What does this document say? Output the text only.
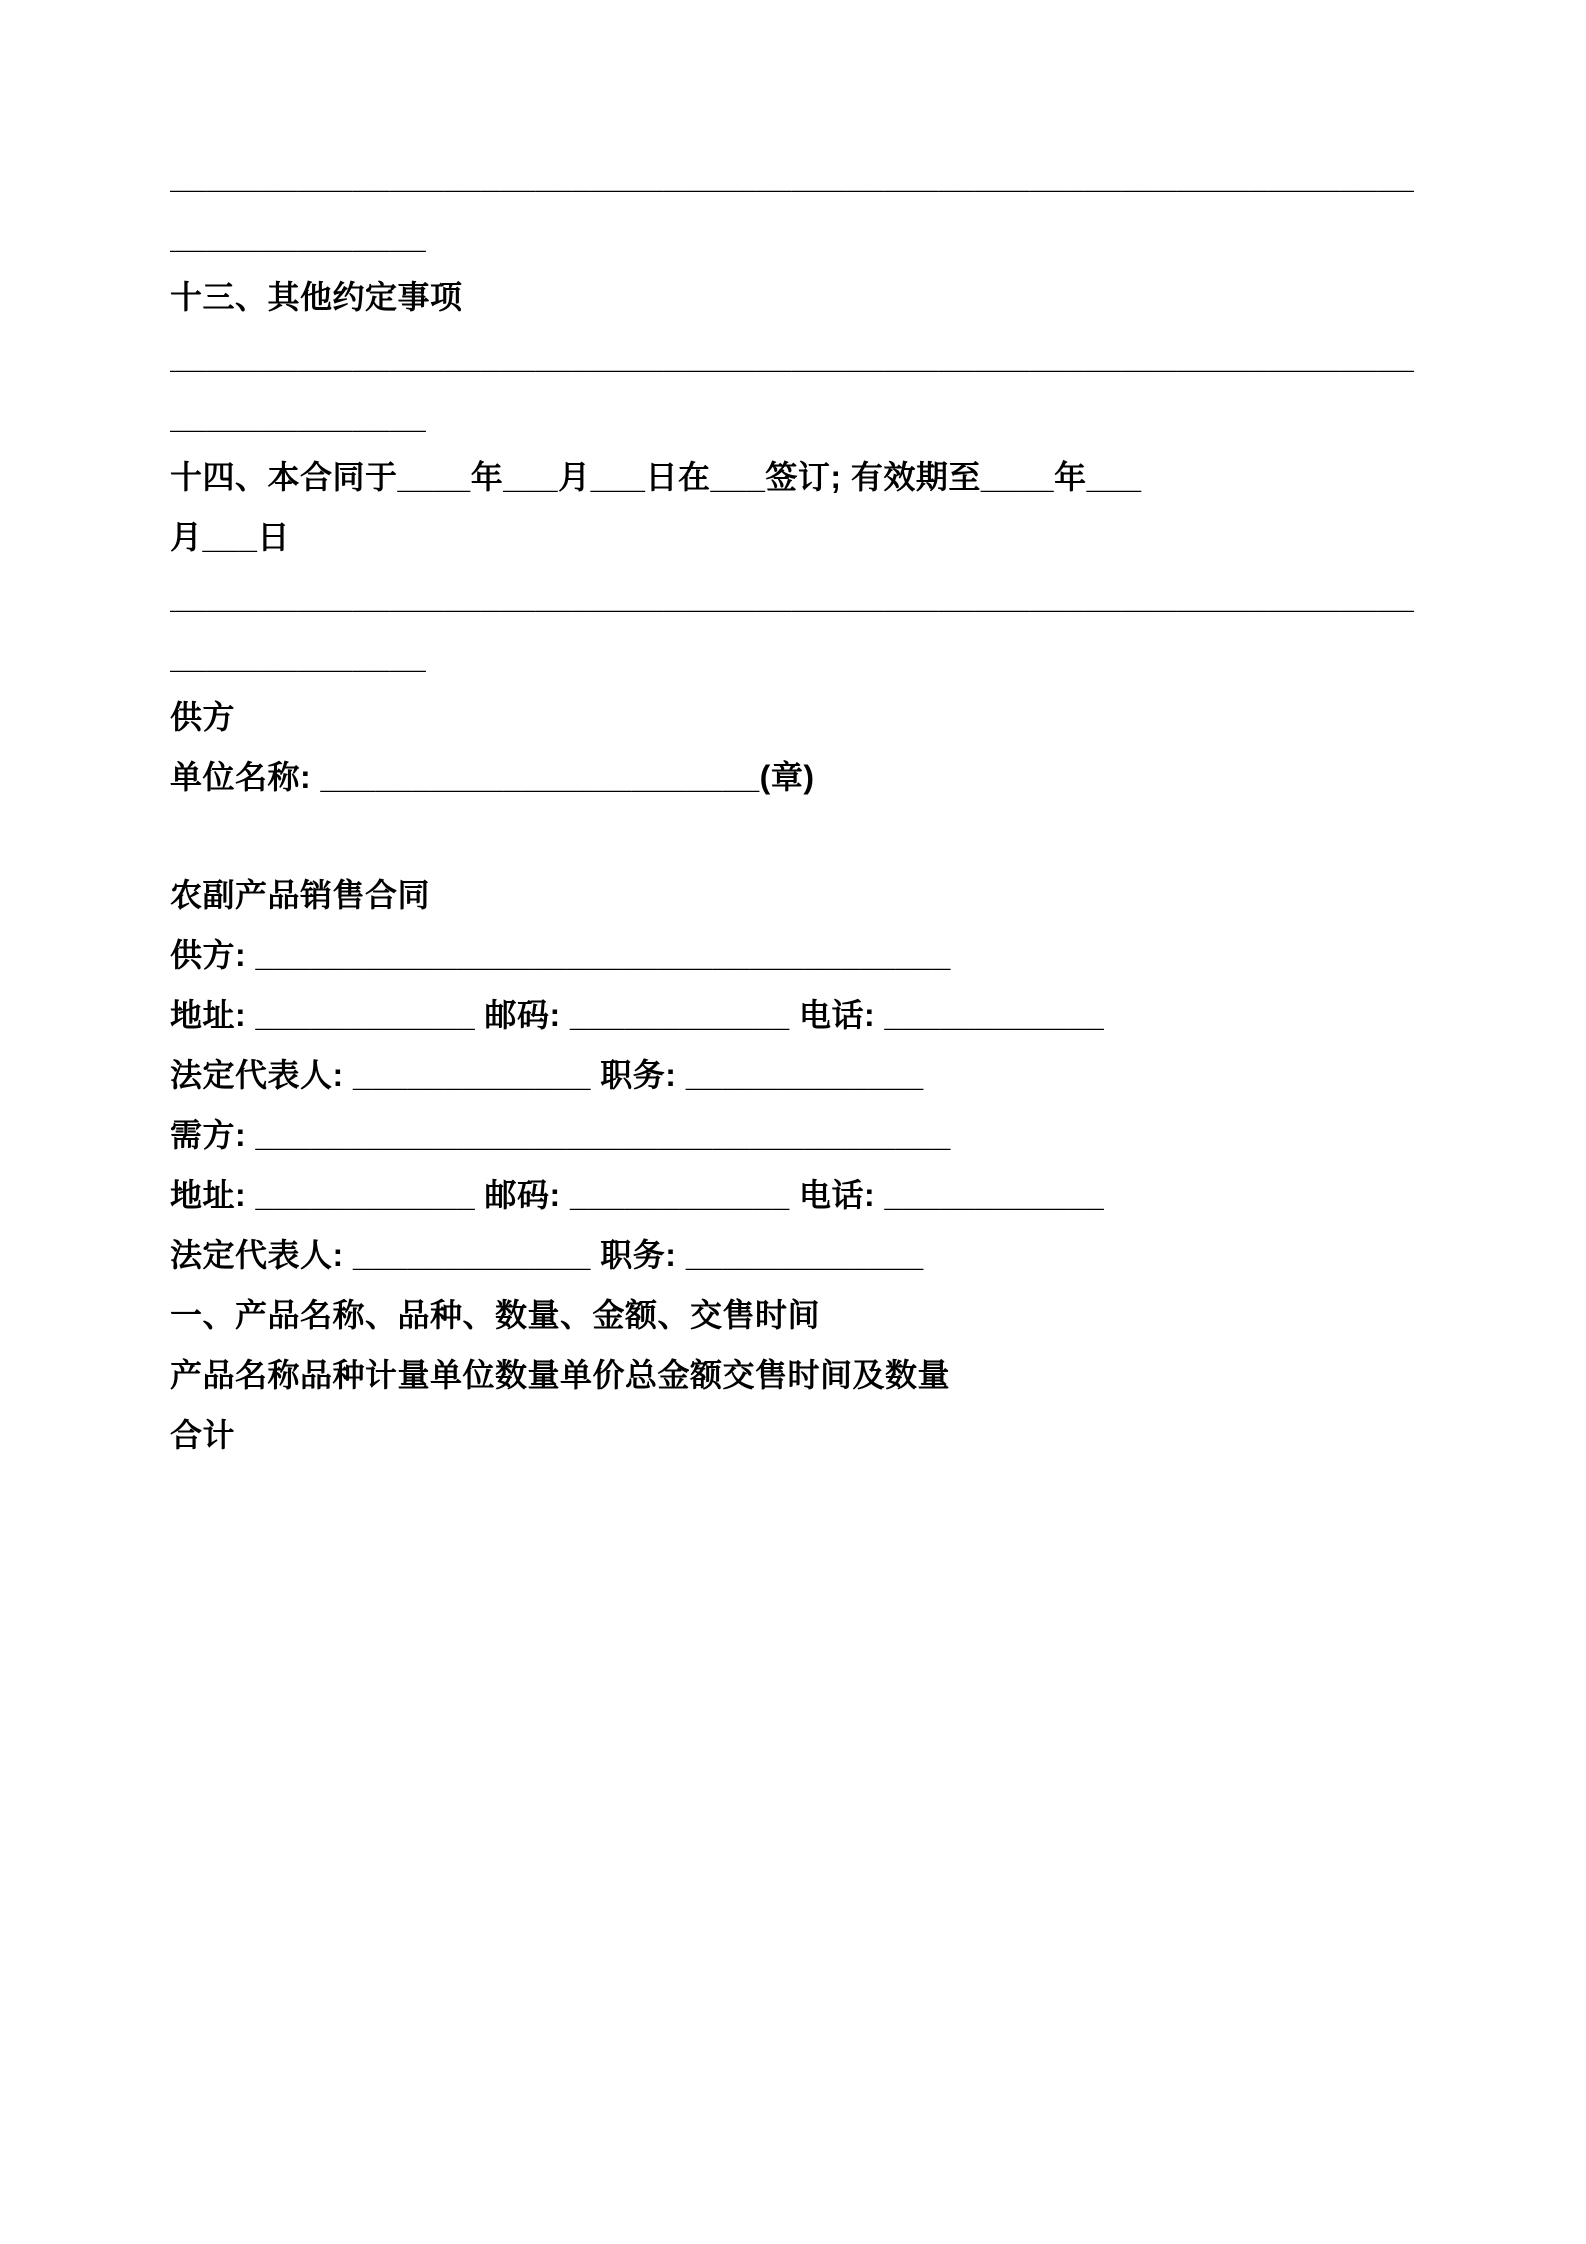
____________________________________________________________________

______________

十三、其他约定事项

____________________________________________________________________

______________

十四、本合同于____年___月___日在___签订; 有效期至____年___

月___日

____________________________________________________________________

______________

供方

单位名称: ________________________(章)

农副产品销售合同

供方: ______________________________________

地址: ____________ 邮码: ____________ 电话: ____________

法定代表人: _____________ 职务: _____________

需方: ______________________________________

地址: ____________ 邮码: ____________ 电话: ____________

法定代表人: _____________ 职务: _____________

一、产品名称、品种、数量、金额、交售时间

产品名称品种计量单位数量单价总金额交售时间及数量

合计
